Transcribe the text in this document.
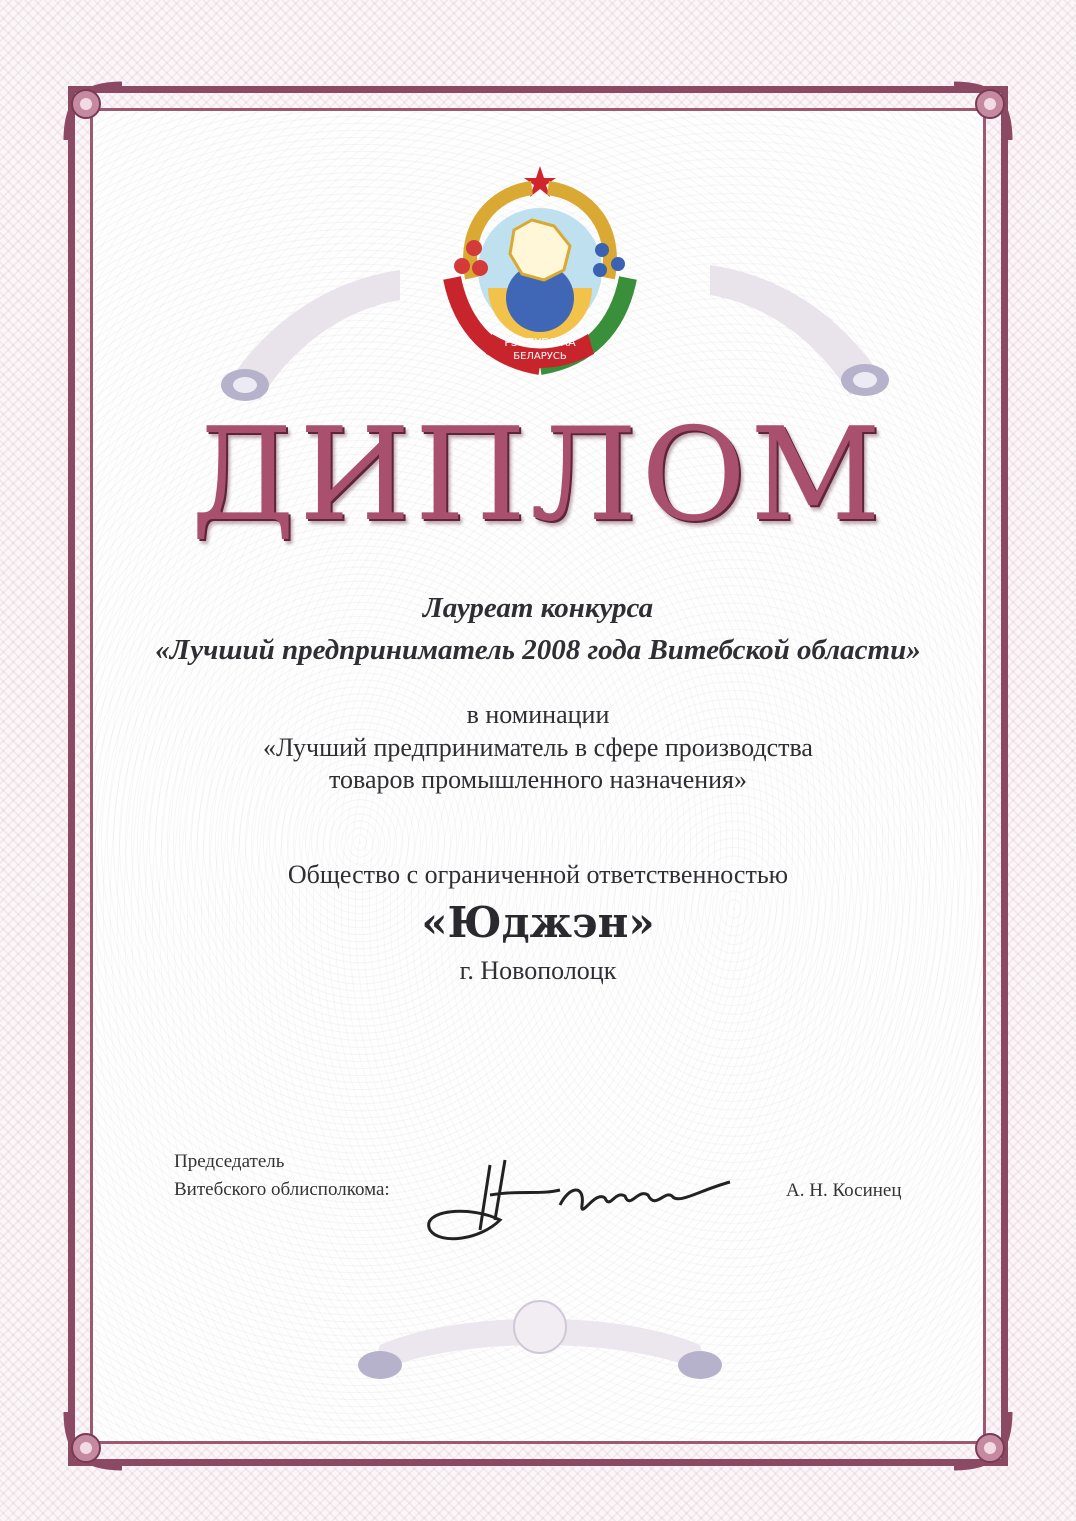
РЭСПУБЛІКА
БЕЛАРУСЬ
ДИПЛОМ
Лауреат конкурса
«Лучший предприниматель 2008 года Витебской области»
в номинации
«Лучший предприниматель в сфере производства
товаров промышленного назначения»
Общество с ограниченной ответственностью
«Юджэн»
г. Новополоцк
Председатель
Витебского облисполкома:	А. Н. Косинец
